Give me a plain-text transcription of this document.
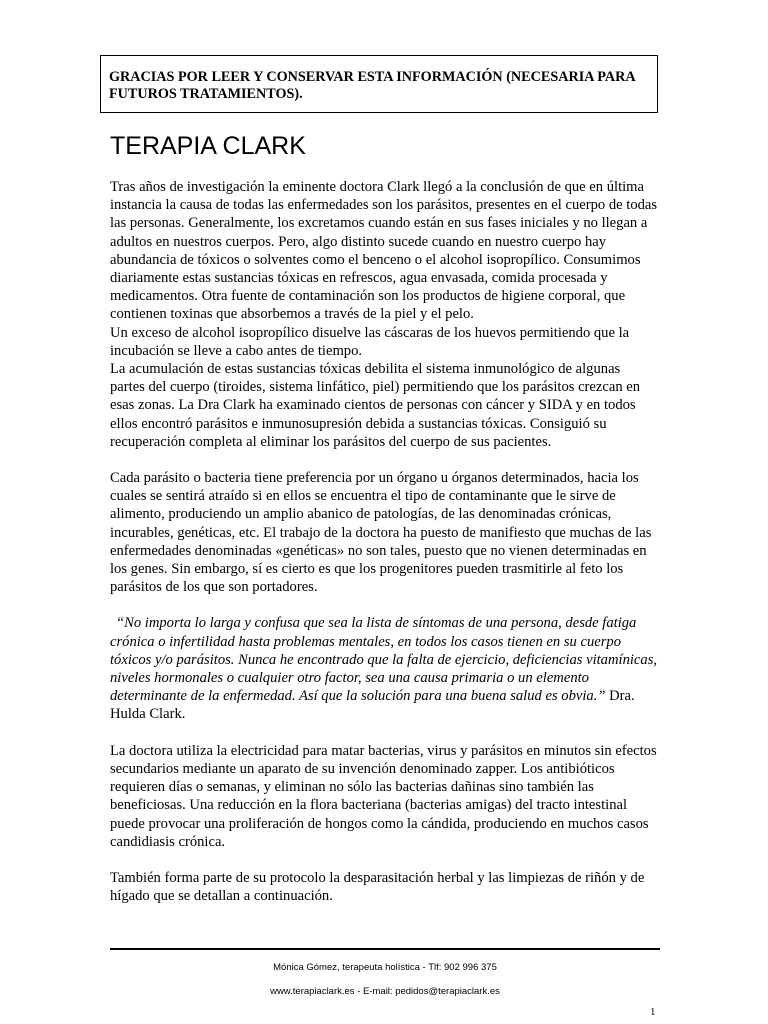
GRACIAS POR LEER Y CONSERVAR ESTA INFORMACIÓN (NECESARIA PARA FUTUROS TRATAMIENTOS).
TERAPIA CLARK

Tras años de investigación la eminente doctora Clark llegó a la conclusión de que en última instancia la causa de todas las enfermedades son los parásitos, presentes en el cuerpo de todas las personas. Generalmente, los excretamos cuando están en sus fases iniciales y no llegan a adultos en nuestros cuerpos. Pero, algo distinto sucede cuando en nuestro cuerpo hay abundancia de tóxicos o solventes como el benceno o el alcohol isopropílico. Consumimos diariamente estas sustancias tóxicas en refrescos, agua envasada, comida procesada y medicamentos. Otra fuente de contaminación son los productos de higiene corporal, que contienen toxinas que absorbemos a través de la piel y el pelo.

Un exceso de alcohol isopropílico disuelve las cáscaras de los huevos permitiendo que la incubación se lleve a cabo antes de tiempo.

La acumulación de estas sustancias tóxicas debilita el sistema inmunológico de algunas partes del cuerpo (tiroides, sistema linfático, piel) permitiendo que los parásitos crezcan en esas zonas. La Dra Clark ha examinado cientos de personas con cáncer y SIDA y en todos ellos encontró parásitos e inmunosupresión debida a sustancias tóxicas. Consiguió su recuperación completa al eliminar los parásitos del cuerpo de sus pacientes.

Cada parásito o bacteria tiene preferencia por un órgano u órganos determinados, hacia los cuales se sentirá atraído si en ellos se encuentra el tipo de contaminante que le sirve de alimento, produciendo un amplio abanico de patologías, de las denominadas crónicas, incurables, genéticas, etc. El trabajo de la doctora ha puesto de manifiesto que muchas de las enfermedades denominadas «genéticas» no son tales, puesto que no vienen determinadas en los genes. Sin embargo, sí es cierto es que los progenitores pueden trasmitirle al feto los parásitos de los que son portadores.

“No importa lo larga y confusa que sea la lista de síntomas de una persona, desde fatiga crónica o infertilidad hasta problemas mentales, en todos los casos tienen en su cuerpo tóxicos y/o parásitos. Nunca he encontrado que la falta de ejercicio, deficiencias vitamínicas, niveles hormonales o cualquier otro factor, sea una causa primaria o un elemento determinante de la enfermedad. Así que la solución para una buena salud es obvia.” Dra. Hulda Clark.

La doctora utiliza la electricidad para matar bacterias, virus y parásitos en minutos sin efectos secundarios mediante un aparato de su invención denominado zapper. Los antibióticos requieren días o semanas, y eliminan no sólo las bacterias dañinas sino también las beneficiosas. Una reducción en la flora bacteriana (bacterias amigas) del tracto intestinal puede provocar una proliferación de hongos como la cándida, produciendo en muchos casos candidiasis crónica.

También forma parte de su protocolo la desparasitación herbal y las limpiezas de riñón y de hígado que se detallan a continuación.

Mónica Gómez, terapeuta holística - Tlf: 902 996 375
www.terapiaclark.es - E-mail: pedidos@terapiaclark.es
1
